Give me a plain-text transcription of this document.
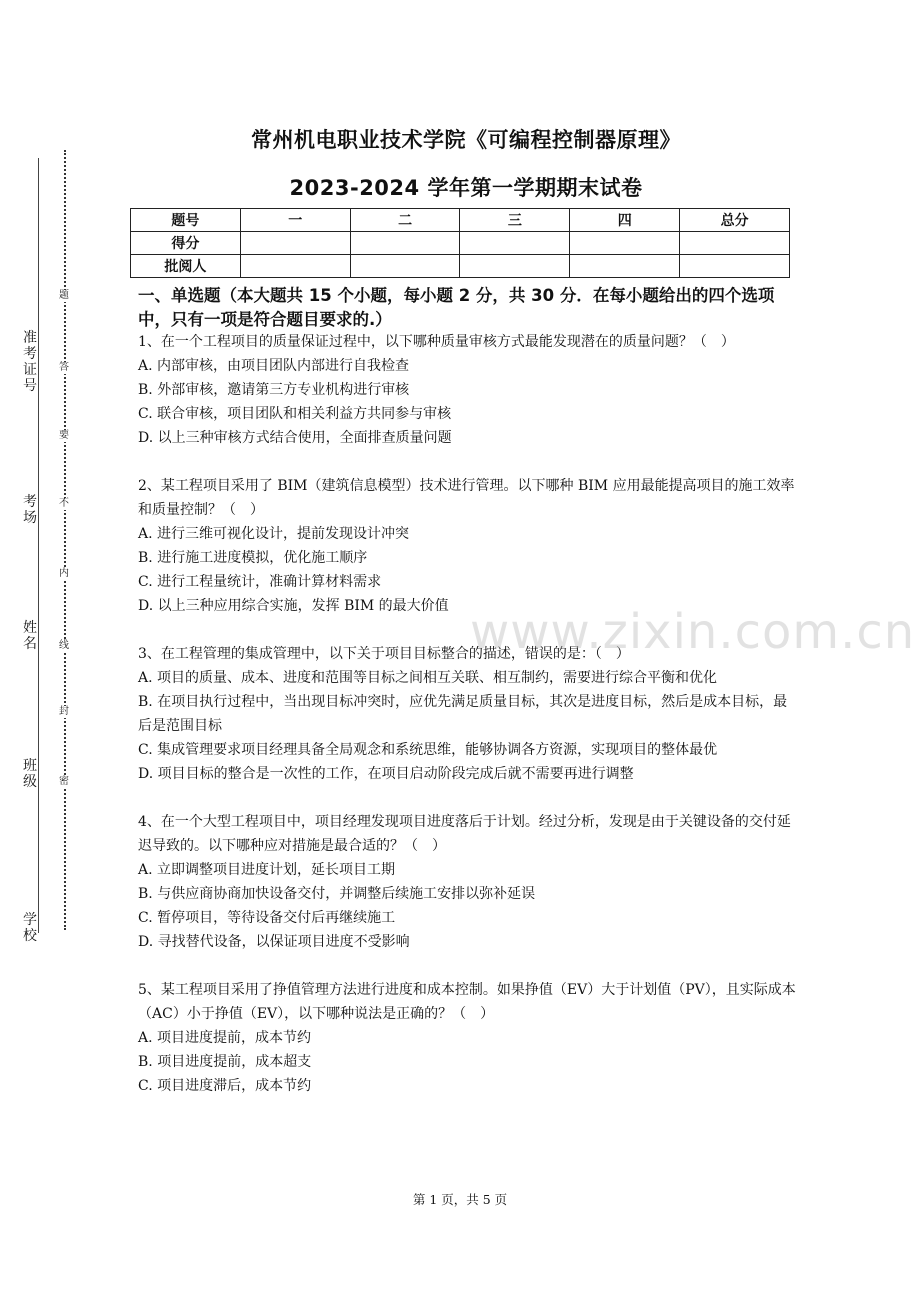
准考证号
考场
姓名
班级
学校
题
答
要
不
内
线
封
密
常州机电职业技术学院《可编程控制器原理》
2023-2024 学年第一学期期末试卷
题号	一	二	三	四	总分
得分					
批阅人					
一、单选题（本大题共 15 个小题，每小题 2 分，共 30 分．在每小题给出的四个选项中，只有一项是符合题目要求的.）

1、在一个工程项目的质量保证过程中，以下哪种质量审核方式最能发现潜在的质量问题？（　）

A. 内部审核，由项目团队内部进行自我检查

B. 外部审核，邀请第三方专业机构进行审核

C. 联合审核，项目团队和相关利益方共同参与审核

D. 以上三种审核方式结合使用，全面排查质量问题

2、某工程项目采用了 BIM（建筑信息模型）技术进行管理。以下哪种 BIM 应用最能提高项目的施工效率和质量控制？（　）

A. 进行三维可视化设计，提前发现设计冲突

B. 进行施工进度模拟，优化施工顺序

C. 进行工程量统计，准确计算材料需求

D. 以上三种应用综合实施，发挥 BIM 的最大价值

3、在工程管理的集成管理中，以下关于项目目标整合的描述，错误的是：（　）

A. 项目的质量、成本、进度和范围等目标之间相互关联、相互制约，需要进行综合平衡和优化

B. 在项目执行过程中，当出现目标冲突时，应优先满足质量目标，其次是进度目标，然后是成本目标，最后是范围目标

C. 集成管理要求项目经理具备全局观念和系统思维，能够协调各方资源，实现项目的整体最优

D. 项目目标的整合是一次性的工作，在项目启动阶段完成后就不需要再进行调整

4、在一个大型工程项目中，项目经理发现项目进度落后于计划。经过分析，发现是由于关键设备的交付延迟导致的。以下哪种应对措施是最合适的？（　）

A. 立即调整项目进度计划，延长项目工期

B. 与供应商协商加快设备交付，并调整后续施工安排以弥补延误

C. 暂停项目，等待设备交付后再继续施工

D. 寻找替代设备，以保证项目进度不受影响

5、某工程项目采用了挣值管理方法进行进度和成本控制。如果挣值（EV）大于计划值（PV），且实际成本（AC）小于挣值（EV），以下哪种说法是正确的？（　）

A. 项目进度提前，成本节约

B. 项目进度提前，成本超支

C. 项目进度滞后，成本节约

www.zixin.com.cn
第 1 页，共 5 页
